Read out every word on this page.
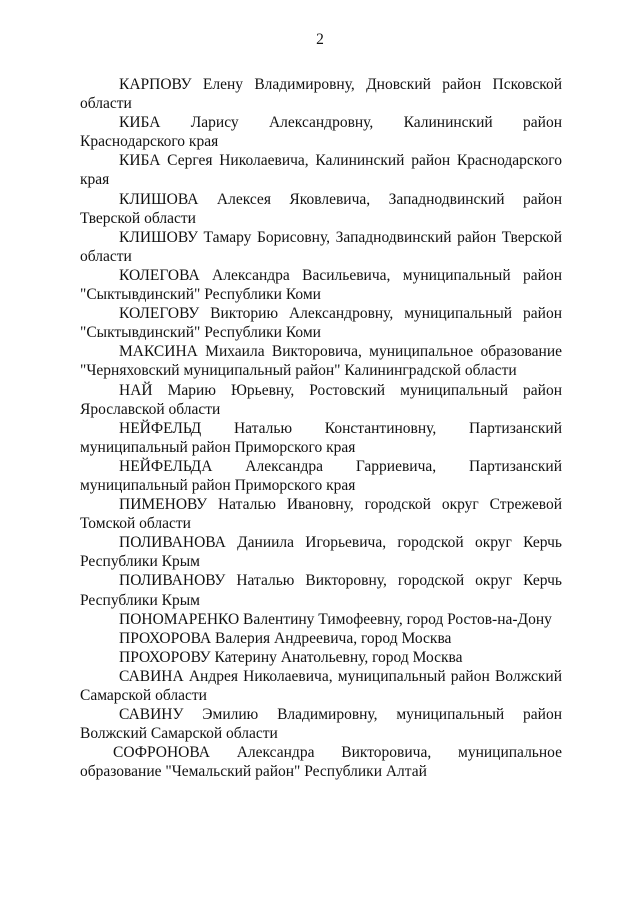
2

КАРПОВУ Елену Владимировну, Дновский район Псковской области

КИБА Ларису Александровну, Калининский район Краснодарского края

КИБА Сергея Николаевича, Калининский район Краснодарского края

КЛИШОВА Алексея Яковлевича, Западнодвинский район Тверской области

КЛИШОВУ Тамару Борисовну, Западнодвинский район Тверской области

КОЛЕГОВА Александра Васильевича, муниципальный район "Сыктывдинский" Республики Коми

КОЛЕГОВУ Викторию Александровну, муниципальный район "Сыктывдинский" Республики Коми

МАКСИНА Михаила Викторовича, муниципальное образование "Черняховский муниципальный район" Калининградской области

НАЙ Марию Юрьевну, Ростовский муниципальный район Ярославской области

НЕЙФЕЛЬД Наталью Константиновну, Партизанский муниципальный район Приморского края

НЕЙФЕЛЬДА Александра Гарриевича, Партизанский муниципальный район Приморского края

ПИМЕНОВУ Наталью Ивановну, городской округ Стрежевой Томской области

ПОЛИВАНОВА Даниила Игорьевича, городской округ Керчь Республики Крым

ПОЛИВАНОВУ Наталью Викторовну, городской округ Керчь Республики Крым

ПОНОМАРЕНКО Валентину Тимофеевну, город Ростов-на-Дону

ПРОХОРОВА Валерия Андреевича, город Москва

ПРОХОРОВУ Катерину Анатольевну, город Москва

САВИНА Андрея Николаевича, муниципальный район Волжский Самарской области

САВИНУ Эмилию Владимировну, муниципальный район Волжский Самарской области

СОФРОНОВА Александра Викторовича, муниципальное образование "Чемальский район" Республики Алтай
